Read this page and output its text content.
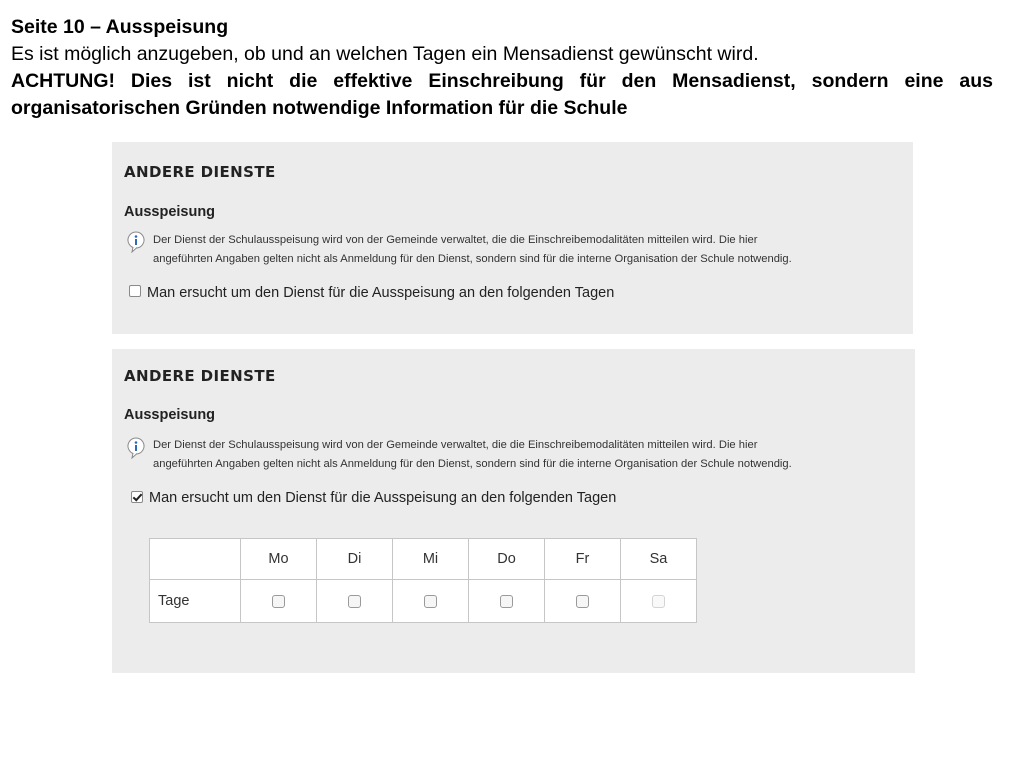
Seite 10 – Ausspeisung
Es ist möglich anzugeben, ob und an welchen Tagen ein Mensadienst gewünscht wird.
ACHTUNG! Dies ist nicht die effektive Einschreibung für den Mensadienst, sondern eine aus organisatorischen Gründen notwendige Information für die Schule
ANDERE DIENSTE
Ausspeisung
Der Dienst der Schulausspeisung wird von der Gemeinde verwaltet, die die Einschreibemodalitäten mitteilen wird. Die hier
angeführten Angaben gelten nicht als Anmeldung für den Dienst, sondern sind für die interne Organisation der Schule notwendig.
Man ersucht um den Dienst für die Ausspeisung an den folgenden Tagen
ANDERE DIENSTE
Ausspeisung
Der Dienst der Schulausspeisung wird von der Gemeinde verwaltet, die die Einschreibemodalitäten mitteilen wird. Die hier
angeführten Angaben gelten nicht als Anmeldung für den Dienst, sondern sind für die interne Organisation der Schule notwendig.
Man ersucht um den Dienst für die Ausspeisung an den folgenden Tagen
	Mo	Di	Mi	Do	Fr	Sa
Tage						
